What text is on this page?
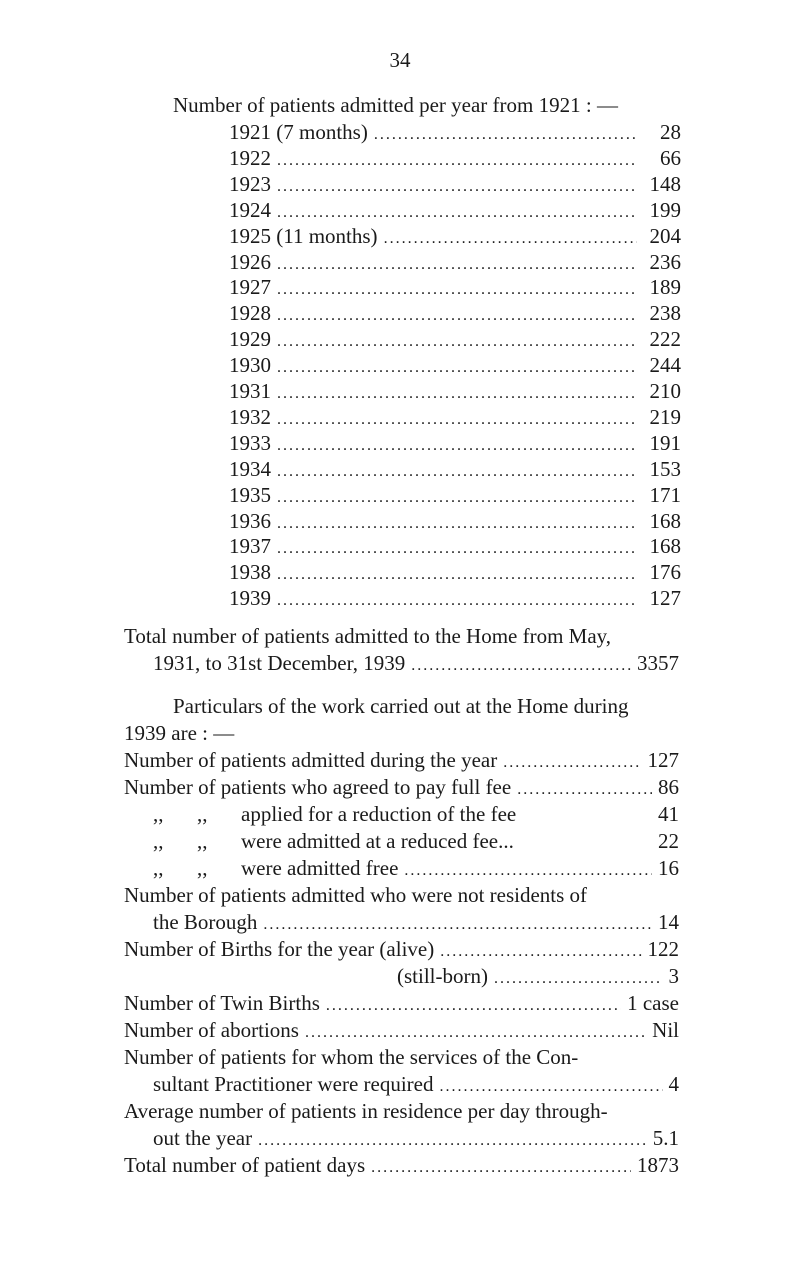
34
Number of patients admitted per year from 1921 : —
1921 (7 months) .....	28
1922 .....	66
1923 .....	148
1924 .....	199
1925 (11 months) .....	204
1926 .....	236
1927 .....	189
1928 .....	238
1929 .....	222
1930 .....	244
1931 .....	210
1932 .....	219
1933 .....	191
1934 .....	153
1935 .....	171
1936 .....	168
1937 .....	168
1938 .....	176
1939 .....	127
Total number of patients admitted to the Home from May,
1931, to 31st December, 1939 .....	3357
Particulars of the work carried out at the Home during
1939 are : —
Number of patients admitted during the year .....	127
Number of patients who agreed to pay full fee .....	86
,, ,, applied for a reduction of the fee	41
,, ,, were admitted at a reduced fee...	22
,, ,, were admitted free .....	16
Number of patients admitted who were not residents of
the Borough .....	14
Number of Births for the year (alive) .....	122
(still-born) .....	3
Number of Twin Births .....	1 case
Number of abortions .....	Nil
Number of patients for whom the services of the Con-
sultant Practitioner were required .....	4
Average number of patients in residence per day through-
out the year .....	5.1
Total number of patient days .....	1873
